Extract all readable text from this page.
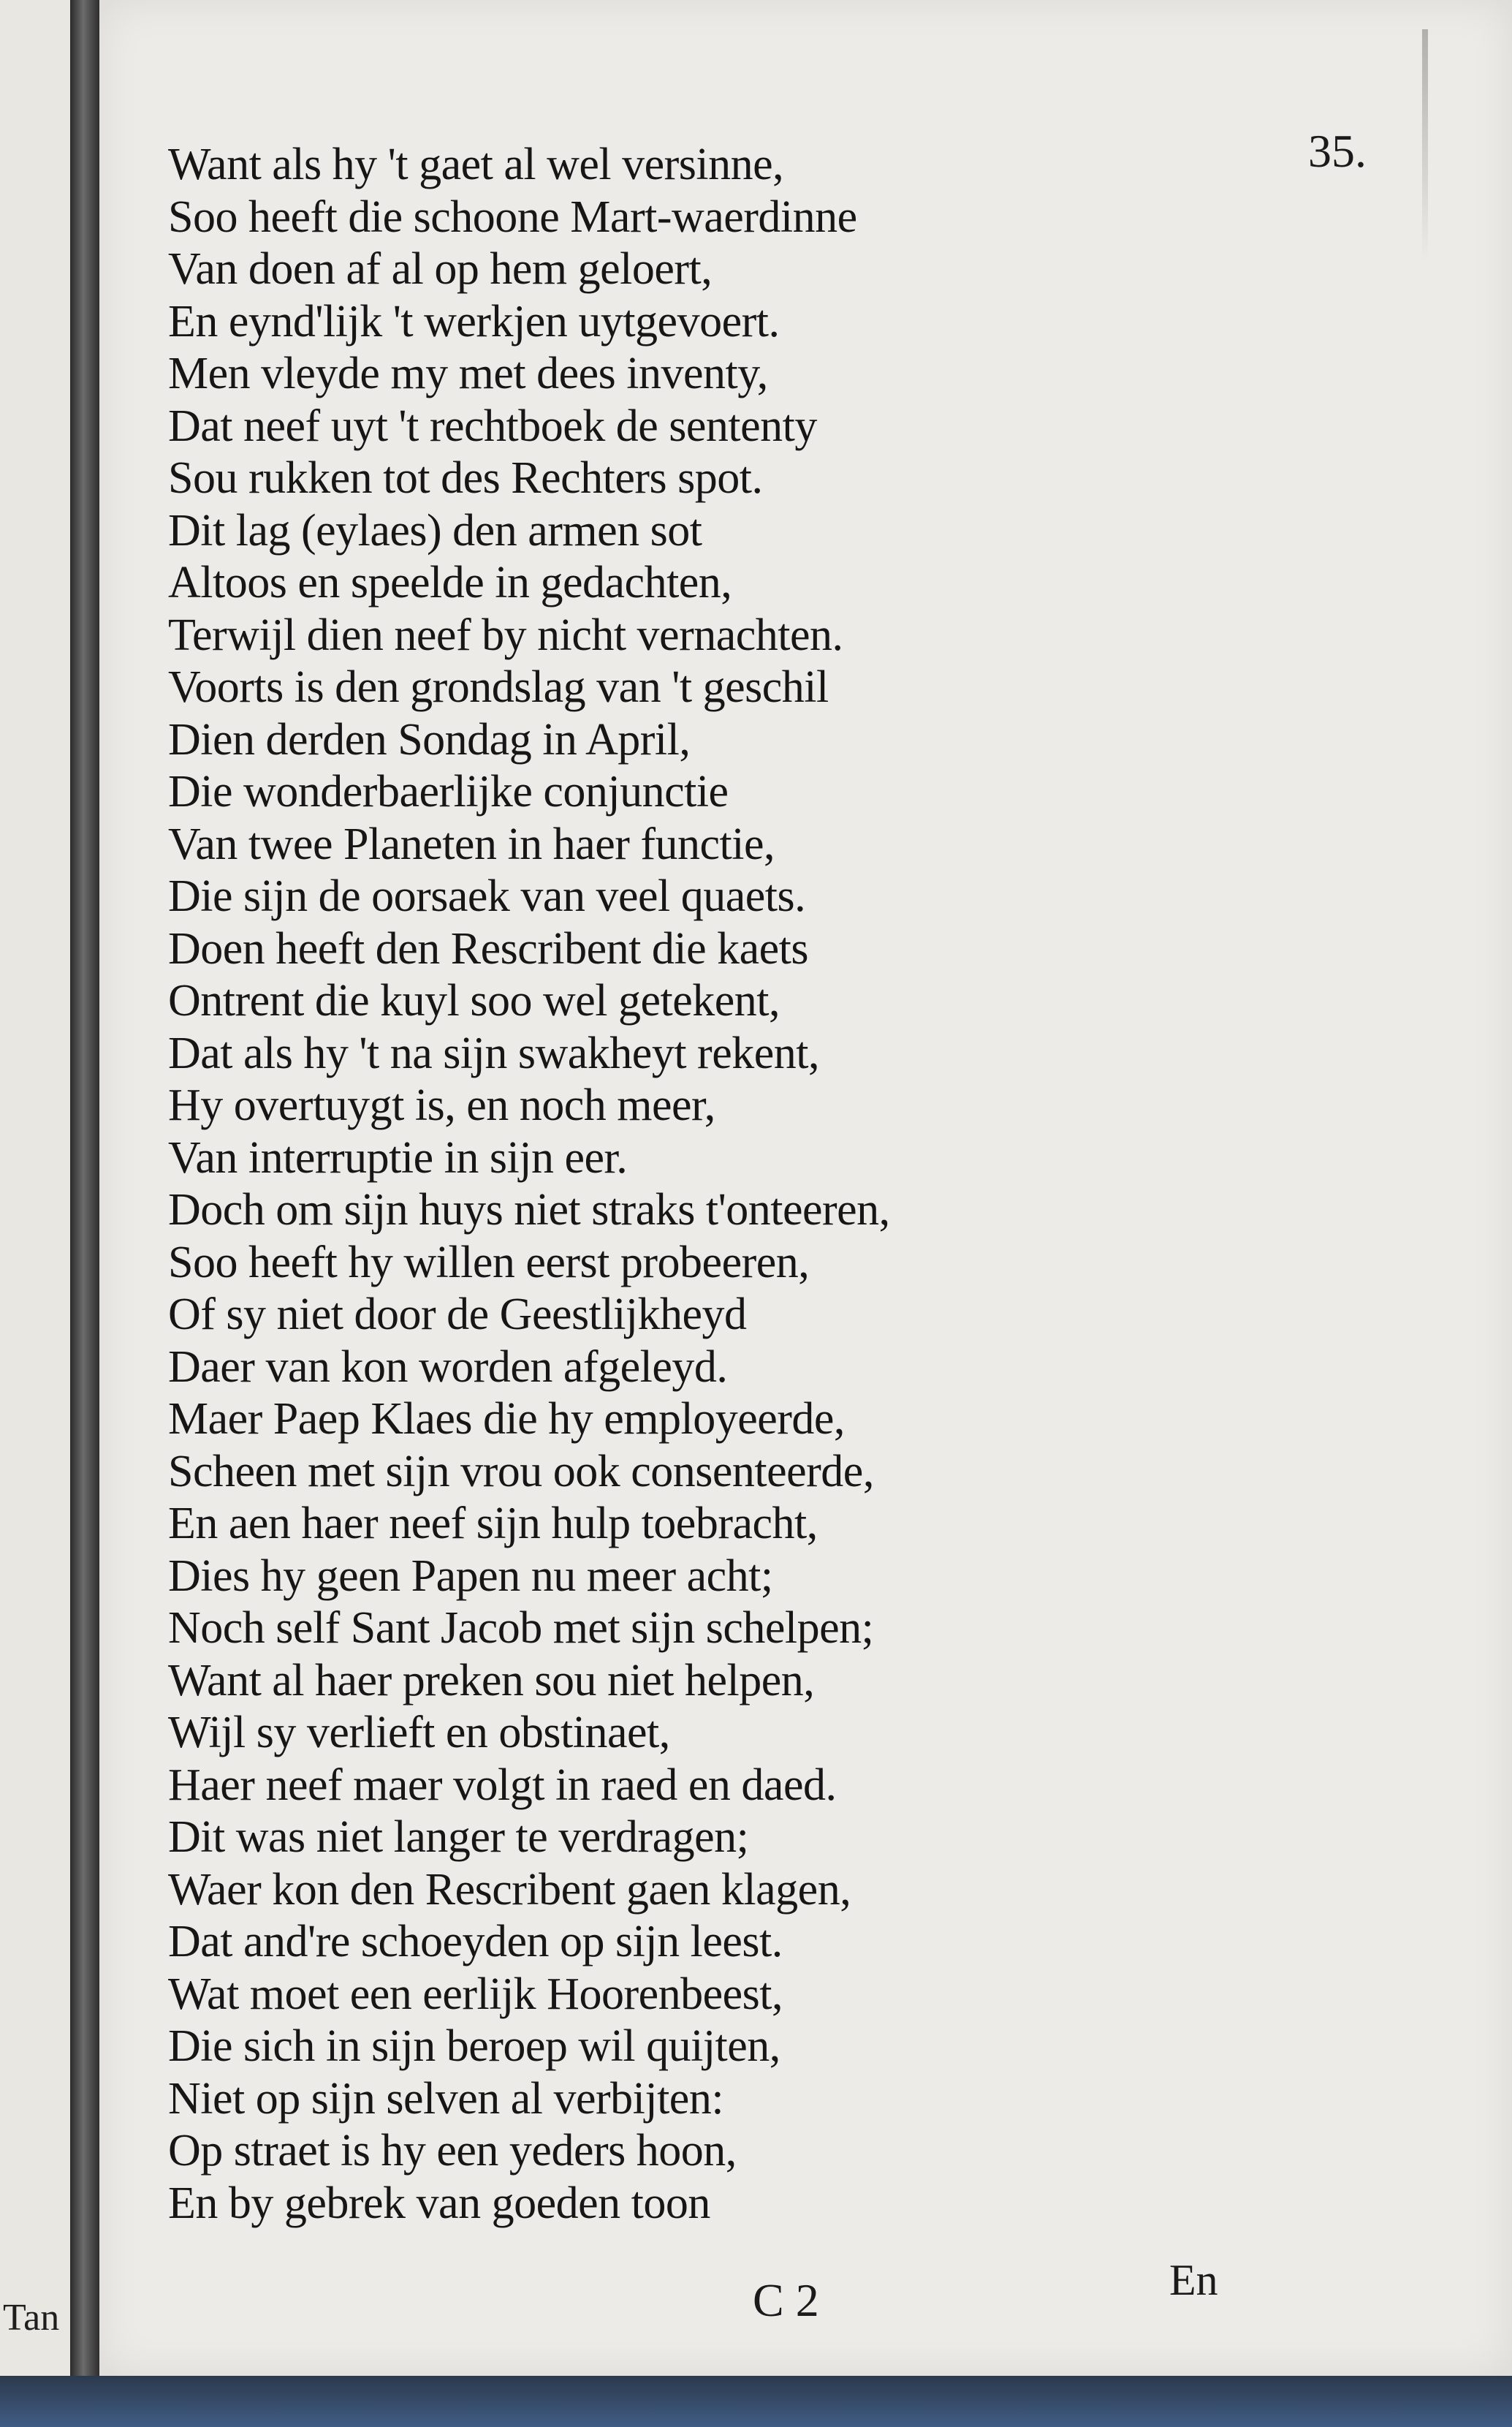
Tan

35.

Want als hy 't gaet al wel versinne,
Soo heeft die schoone Mart-waerdinne
Van doen af al op hem geloert,
En eynd'lijk 't werkjen uytgevoert.
Men vleyde my met dees inventy,
Dat neef uyt 't rechtboek de sententy
Sou rukken tot des Rechters spot.
Dit lag (eylaes) den armen sot
Altoos en speelde in gedachten,
Terwijl dien neef by nicht vernachten.
Voorts is den grondslag van 't geschil
Dien derden Sondag in April,
Die wonderbaerlijke conjunctie
Van twee Planeten in haer functie,
Die sijn de oorsaek van veel quaets.
Doen heeft den Rescribent die kaets
Ontrent die kuyl soo wel getekent,
Dat als hy 't na sijn swakheyt rekent,
Hy overtuygt is, en noch meer,
Van interruptie in sijn eer.
Doch om sijn huys niet straks t'onteeren,
Soo heeft hy willen eerst probeeren,
Of sy niet door de Geestlijkheyd
Daer van kon worden afgeleyd.
Maer Paep Klaes die hy employeerde,
Scheen met sijn vrou ook consenteerde,
En aen haer neef sijn hulp toebracht,
Dies hy geen Papen nu meer acht;
Noch self Sant Jacob met sijn schelpen;
Want al haer preken sou niet helpen,
Wijl sy verlieft en obstinaet,
Haer neef maer volgt in raed en daed.
Dit was niet langer te verdragen;
Waer kon den Rescribent gaen klagen,
Dat and're schoeyden op sijn leest.
Wat moet een eerlijk Hoorenbeest,
Die sich in sijn beroep wil quijten,
Niet op sijn selven al verbijten:
Op straet is hy een yeders hoon,
En by gebrek van goeden toon

C 2	En
